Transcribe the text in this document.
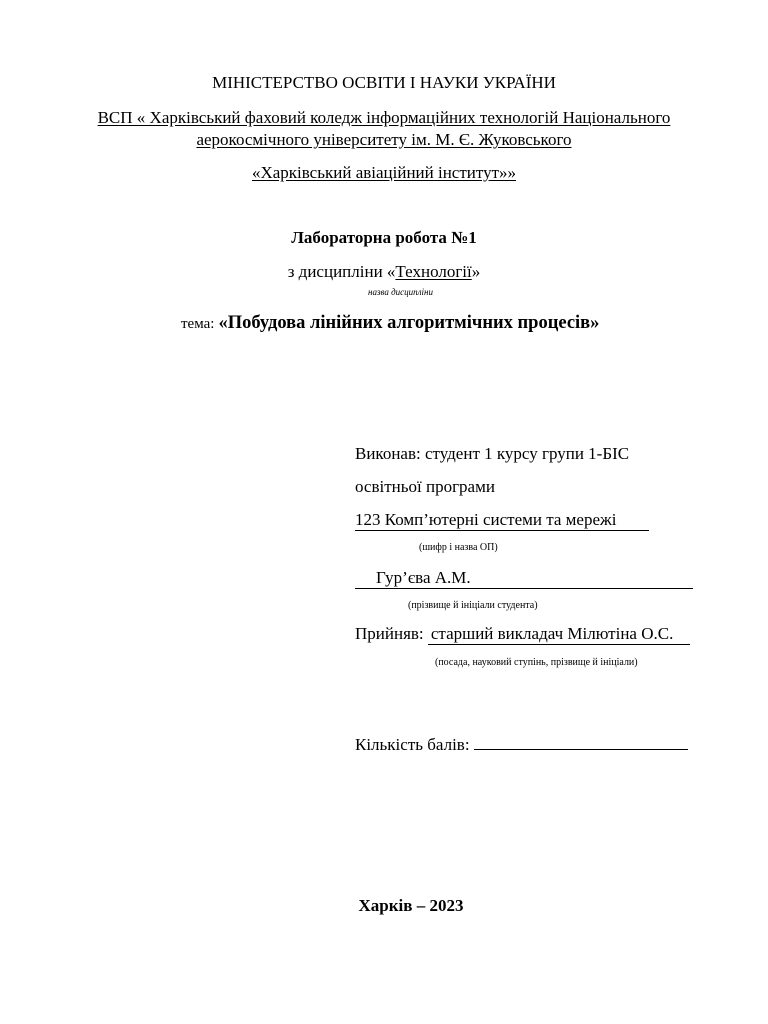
МІНІСТЕРСТВО ОСВІТИ І НАУКИ УКРАЇНИ
ВСП « Харківський фаховий коледж інформаційних технологій Національного
аерокосмічного університету ім. М. Є. Жуковського
«Харківський авіаційний інститут»»
Лабораторна робота №1
з дисципліни «Технології»
назва дисципліни
тема: «Побудова лінійних алгоритмічних процесів»
Виконав: студент 1 курсу групи 1-БІС
освітньої програми
123 Комп’ютерні системи та мережі
(шифр і назва ОП)
Гур’єва А.М.
(прізвище й ініціали студента)
Прийняв: старший викладач Мілютіна О.С.
(посада, науковий ступінь, прізвище й ініціали)
Кількість балів:
Харків – 2023
